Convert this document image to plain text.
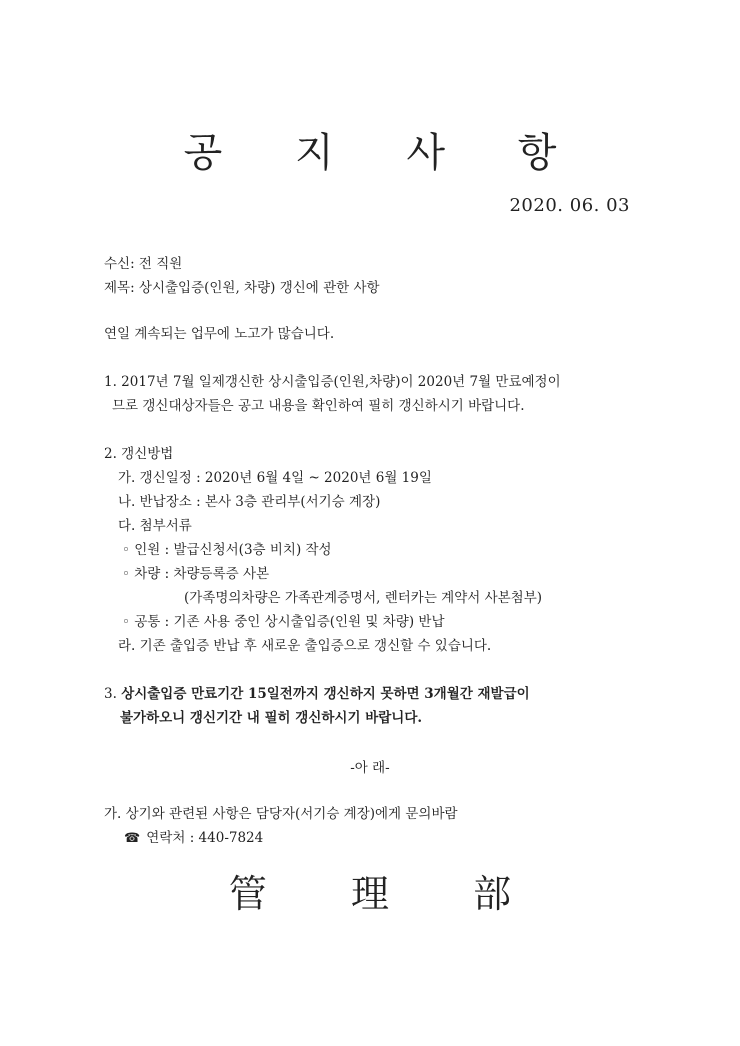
공 지 사 항
2020. 06. 03

수신: 전 직원

제목: 상시출입증(인원, 차량) 갱신에 관한 사항

연일 계속되는 업무에 노고가 많습니다.

1. 2017년 7월 일제갱신한 상시출입증(인원,차량)이 2020년 7월 만료예정이

므로 갱신대상자들은 공고 내용을 확인하여 필히 갱신하시기 바랍니다.

2. 갱신방법

가. 갱신일정 : 2020년 6월 4일 ~ 2020년 6월 19일

나. 반납장소 : 본사 3층 관리부(서기승 계장)

다. 첨부서류

◦ 인원 : 발급신청서(3층 비치) 작성

◦ 차량 : 차량등록증 사본

(가족명의차량은 가족관계증명서, 렌터카는 계약서 사본첨부)

◦ 공통 : 기존 사용 중인 상시출입증(인원 및 차량) 반납

라. 기존 출입증 반납 후 새로운 출입증으로 갱신할 수 있습니다.

3. 상시출입증 만료기간 15일전까지 갱신하지 못하면 3개월간 재발급이

불가하오니 갱신기간 내 필히 갱신하시기 바랍니다.

-아 래-

가. 상기와 관련된 사항은 담당자(서기승 계장)에게 문의바람

☎ 연락처 : 440-7824

管 理 部
